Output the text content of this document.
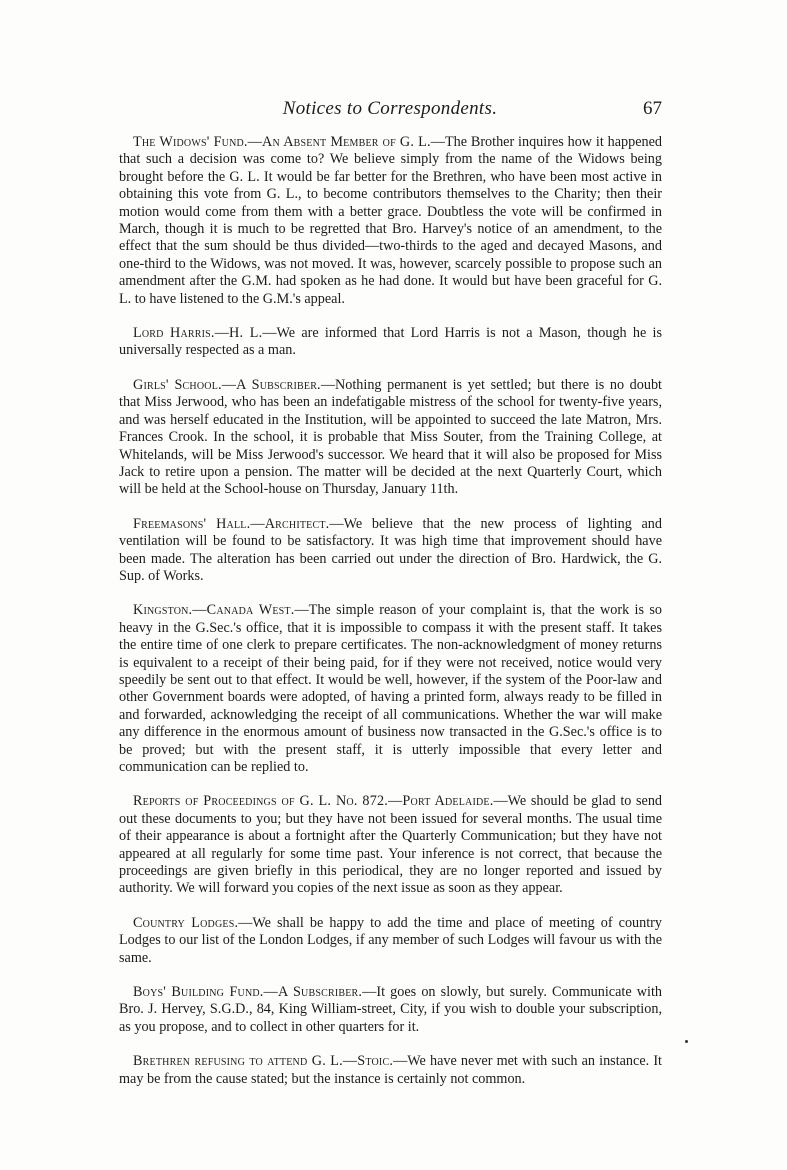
Notices to Correspondents.	67

The Widows' Fund.—An Absent Member of G. L.—The Brother inquires how it happened that such a decision was come to? We believe simply from the name of the Widows being brought before the G. L. It would be far better for the Brethren, who have been most active in obtaining this vote from G. L., to become contributors themselves to the Charity; then their motion would come from them with a better grace. Doubtless the vote will be confirmed in March, though it is much to be regretted that Bro. Harvey's notice of an amendment, to the effect that the sum should be thus divided—two-thirds to the aged and decayed Masons, and one-third to the Widows, was not moved. It was, however, scarcely possible to propose such an amendment after the G.M. had spoken as he had done. It would but have been graceful for G. L. to have listened to the G.M.'s appeal.

Lord Harris.—H. L.—We are informed that Lord Harris is not a Mason, though he is universally respected as a man.

Girls' School.—A Subscriber.—Nothing permanent is yet settled; but there is no doubt that Miss Jerwood, who has been an indefatigable mistress of the school for twenty-five years, and was herself educated in the Institution, will be appointed to succeed the late Matron, Mrs. Frances Crook. In the school, it is probable that Miss Souter, from the Training College, at Whitelands, will be Miss Jerwood's successor. We heard that it will also be proposed for Miss Jack to retire upon a pension. The matter will be decided at the next Quarterly Court, which will be held at the School-house on Thursday, January 11th.

Freemasons' Hall.—Architect.—We believe that the new process of lighting and ventilation will be found to be satisfactory. It was high time that improvement should have been made. The alteration has been carried out under the direction of Bro. Hardwick, the G. Sup. of Works.

Kingston.—Canada West.—The simple reason of your complaint is, that the work is so heavy in the G.Sec.'s office, that it is impossible to compass it with the present staff. It takes the entire time of one clerk to prepare certificates. The non-acknowledgment of money returns is equivalent to a receipt of their being paid, for if they were not received, notice would very speedily be sent out to that effect. It would be well, however, if the system of the Poor-law and other Government boards were adopted, of having a printed form, always ready to be filled in and forwarded, acknowledging the receipt of all communications. Whether the war will make any difference in the enormous amount of business now transacted in the G.Sec.'s office is to be proved; but with the present staff, it is utterly impossible that every letter and communication can be replied to.

Reports of Proceedings of G. L. No. 872.—Port Adelaide.—We should be glad to send out these documents to you; but they have not been issued for several months. The usual time of their appearance is about a fortnight after the Quarterly Communication; but they have not appeared at all regularly for some time past. Your inference is not correct, that because the proceedings are given briefly in this periodical, they are no longer reported and issued by authority. We will forward you copies of the next issue as soon as they appear.

Country Lodges.—We shall be happy to add the time and place of meeting of country Lodges to our list of the London Lodges, if any member of such Lodges will favour us with the same.

Boys' Building Fund.—A Subscriber.—It goes on slowly, but surely. Communicate with Bro. J. Hervey, S.G.D., 84, King William-street, City, if you wish to double your subscription, as you propose, and to collect in other quarters for it.

Brethren refusing to attend G. L.—Stoic.—We have never met with such an instance. It may be from the cause stated; but the instance is certainly not common.
